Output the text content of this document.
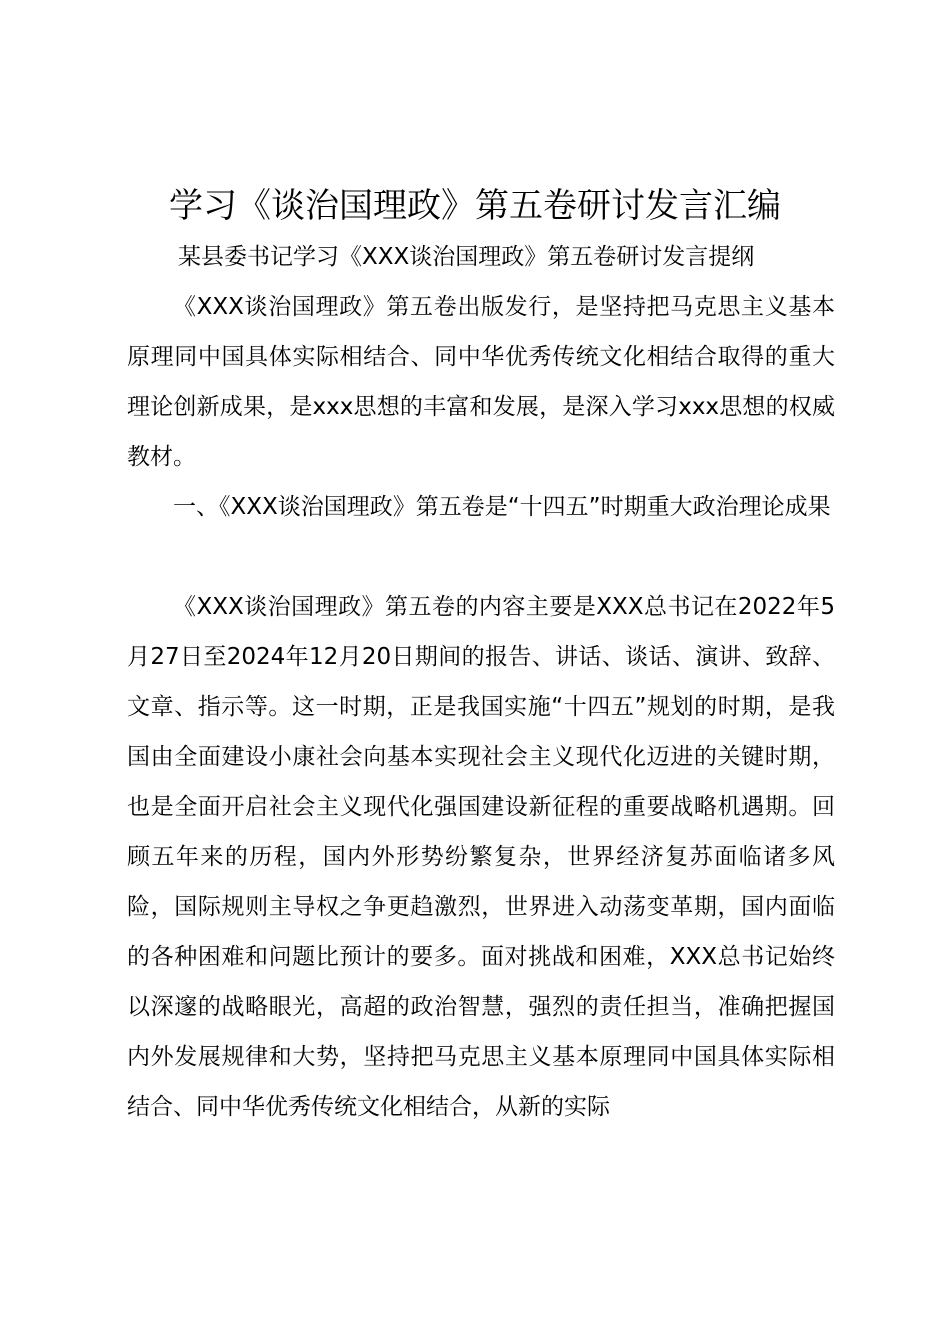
学习《谈治国理政》第五卷研讨发言汇编

某县委书记学习《XXX谈治国理政》第五卷研讨发言提纲

《XXX谈治国理政》第五卷出版发行，是坚持把马克思主义基本原理同中国具体实际相结合、同中华优秀传统文化相结合取得的重大理论创新成果，是xxx思想的丰富和发展，是深入学习xxx思想的权威教材。

一、《XXX谈治国理政》第五卷是“十四五”时期重大政治理论成果

《XXX谈治国理政》第五卷的内容主要是XXX总书记在2022年5月27日至2024年12月20日期间的报告、讲话、谈话、演讲、致辞、文章、指示等。这一时期，正是我国实施“十四五”规划的时期，是我国由全面建设小康社会向基本实现社会主义现代化迈进的关键时期，也是全面开启社会主义现代化强国建设新征程的重要战略机遇期。回顾五年来的历程，国内外形势纷繁复杂，世界经济复苏面临诸多风险，国际规则主导权之争更趋激烈，世界进入动荡变革期，国内面临的各种困难和问题比预计的要多。面对挑战和困难，XXX总书记始终以深邃的战略眼光，高超的政治智慧，强烈的责任担当，准确把握国内外发展规律和大势，坚持把马克思主义基本原理同中国具体实际相结合、同中华优秀传统文化相结合，从新的实际
